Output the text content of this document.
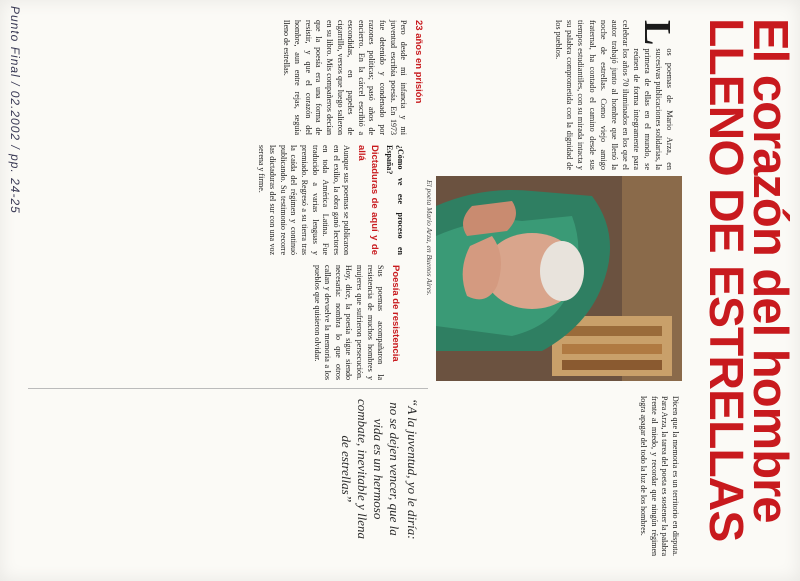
El corazón del hombre
LLENO DE ESTRELLAS
L
os poemas de Mario Arza, en sucesivas publicaciones solidarias, la primera de ellas en el mundo, se reúnen de forma íntegramente para celebrar los años 70 iluminados en los que el autor trabajó junto al hombre que llenó la noche de estrellas. Como viejo amigo fraternal, ha contado el camino desde sus tiempos estudiantiles, con su mirada intacta y su palabra comprometida con la dignidad de los pueblos.
El poeta Mario Arza, en Buenos Aires.
23 años en prisión
Pero desde mi infancia y mi juventud escribía poesía. En 1973 fue detenido y condenado por razones políticas; pasó años de encierro. En la cárcel escribió a escondidas, en papeles de cigarrillo, versos que luego salieron en su libro. Mis compañeros decían que la poesía era una forma de resistir, y que el corazón del hombre, aun entre rejas, seguía lleno de estrellas.
¿Cómo ve ese proceso en España?
Dictaduras de aquí y de allá
Aunque sus poemas se publicaron en el exilio, la obra ganó lectores en toda América Latina. Fue traducido a varias lenguas y premiado. Regresó a su tierra tras la caída del régimen y continuó publicando. Su testimonio recorre las dictaduras del sur con una voz serena y firme.
Poesía de resistencia
Sus poemas acompañaron la resistencia de muchos hombres y mujeres que sufrieron persecución. Hoy, dice, la poesía sigue siendo necesaria: nombra lo que otros callan y devuelve la memoria a los pueblos que quisieron olvidar.
Dicen que la memoria es un territorio en disputa. Para Arza, la tarea del poeta es sostener la palabra frente al miedo, y recordar que ningún régimen logra apagar del todo la luz de los hombres.
“A la juventud, yo le diría: no se dejen vencer, que la vida es un hermoso combate, inevitable y llena de estrellas”
Punto Final / 02.2002 / pp. 24-25
